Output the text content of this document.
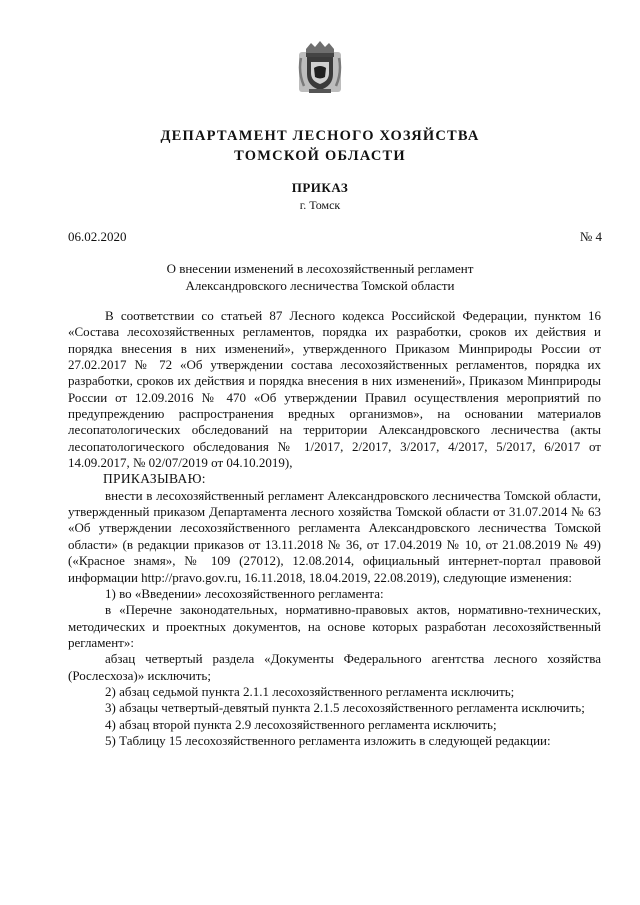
ДЕПАРТАМЕНТ ЛЕСНОГО ХОЗЯЙСТВА
ТОМСКОЙ ОБЛАСТИ
ПРИКАЗ
г. Томск
06.02.2020	№ 4
О внесении изменений в лесохозяйственный регламент
Александровского лесничества Томской области

В соответствии со статьей 87 Лесного кодекса Российской Федерации, пунктом 16 «Состава лесохозяйственных регламентов, порядка их разработки, сроков их действия и порядка внесения в них изменений», утвержденного Приказом Минприроды России от 27.02.2017 № 72 «Об утверждении состава лесохозяйственных регламентов, порядка их разработки, сроков их действия и порядка внесения в них изменений», Приказом Минприроды России от 12.09.2016 № 470 «Об утверждении Правил осуществления мероприятий по предупреждению распространения вредных организмов», на основании материалов лесопатологических обследований на территории Александровского лесничества (акты лесопатологического обследования № 1/2017, 2/2017, 3/2017, 4/2017, 5/2017, 6/2017 от 14.09.2017, № 02/07/2019 от 04.10.2019),

ПРИКАЗЫВАЮ:

внести в лесохозяйственный регламент Александровского лесничества Томской области, утвержденный приказом Департамента лесного хозяйства Томской области от 31.07.2014 № 63 «Об утверждении лесохозяйственного регламента Александровского лесничества Томской области» (в редакции приказов от 13.11.2018 № 36, от 17.04.2019 № 10, от 21.08.2019 № 49) («Красное знамя», № 109 (27012), 12.08.2014, официальный интернет-портал правовой информации http://pravo.gov.ru, 16.11.2018, 18.04.2019, 22.08.2019), следующие изменения:

1) во «Введении» лесохозяйственного регламента:

в «Перечне законодательных, нормативно-правовых актов, нормативно-технических, методических и проектных документов, на основе которых разработан лесохозяйственный регламент»:

абзац четвертый раздела «Документы Федерального агентства лесного хозяйства (Рослесхоза)» исключить;

2) абзац седьмой пункта 2.1.1 лесохозяйственного регламента исключить;

3) абзацы четвертый-девятый пункта 2.1.5 лесохозяйственного регламента исключить;

4) абзац второй пункта 2.9 лесохозяйственного регламента исключить;

5) Таблицу 15 лесохозяйственного регламента изложить в следующей редакции:
